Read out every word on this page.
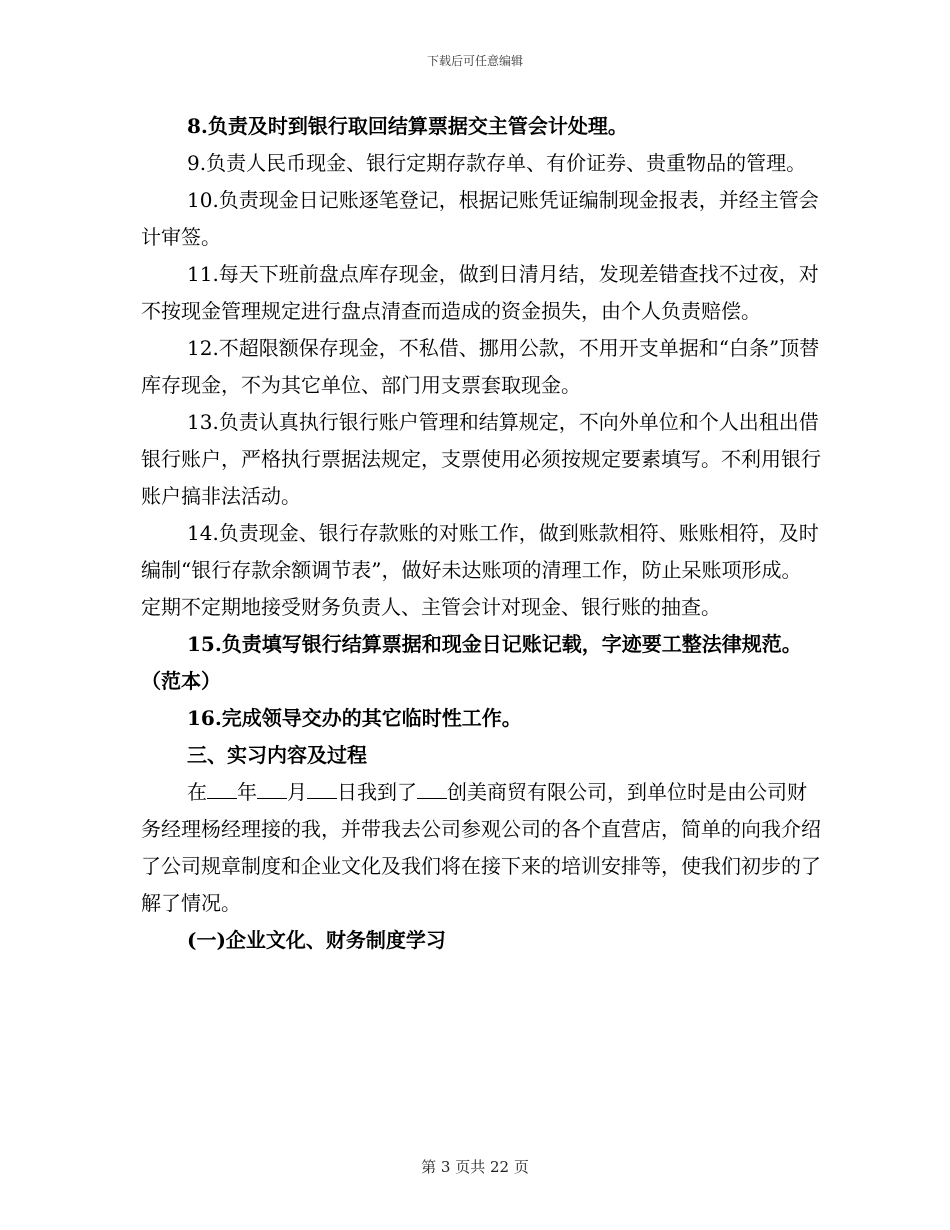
下载后可任意编辑

8.负责及时到银行取回结算票据交主管会计处理。

9.负责人民币现金、银行定期存款存单、有价证券、贵重物品的管理。

10.负责现金日记账逐笔登记，根据记账凭证编制现金报表，并经主管会计审签。

11.每天下班前盘点库存现金，做到日清月结，发现差错查找不过夜，对不按现金管理规定进行盘点清查而造成的资金损失，由个人负责赔偿。

12.不超限额保存现金，不私借、挪用公款，不用开支单据和“白条”顶替库存现金，不为其它单位、部门用支票套取现金。

13.负责认真执行银行账户管理和结算规定，不向外单位和个人出租出借银行账户，严格执行票据法规定，支票使用必须按规定要素填写。不利用银行账户搞非法活动。

14.负责现金、银行存款账的对账工作，做到账款相符、账账相符，及时编制“银行存款余额调节表”，做好未达账项的清理工作，防止呆账项形成。定期不定期地接受财务负责人、主管会计对现金、银行账的抽查。

15.负责填写银行结算票据和现金日记账记载，字迹要工整法律规范。（范本）

16.完成领导交办的其它临时性工作。

三、实习内容及过程

在 年 月 日我到了 创美商贸有限公司，到单位时是由公司财务经理杨经理接的我，并带我去公司参观公司的各个直营店，简单的向我介绍了公司规章制度和企业文化及我们将在接下来的培训安排等，使我们初步的了解了情况。

(一)企业文化、财务制度学习

第 3 页共 22 页
